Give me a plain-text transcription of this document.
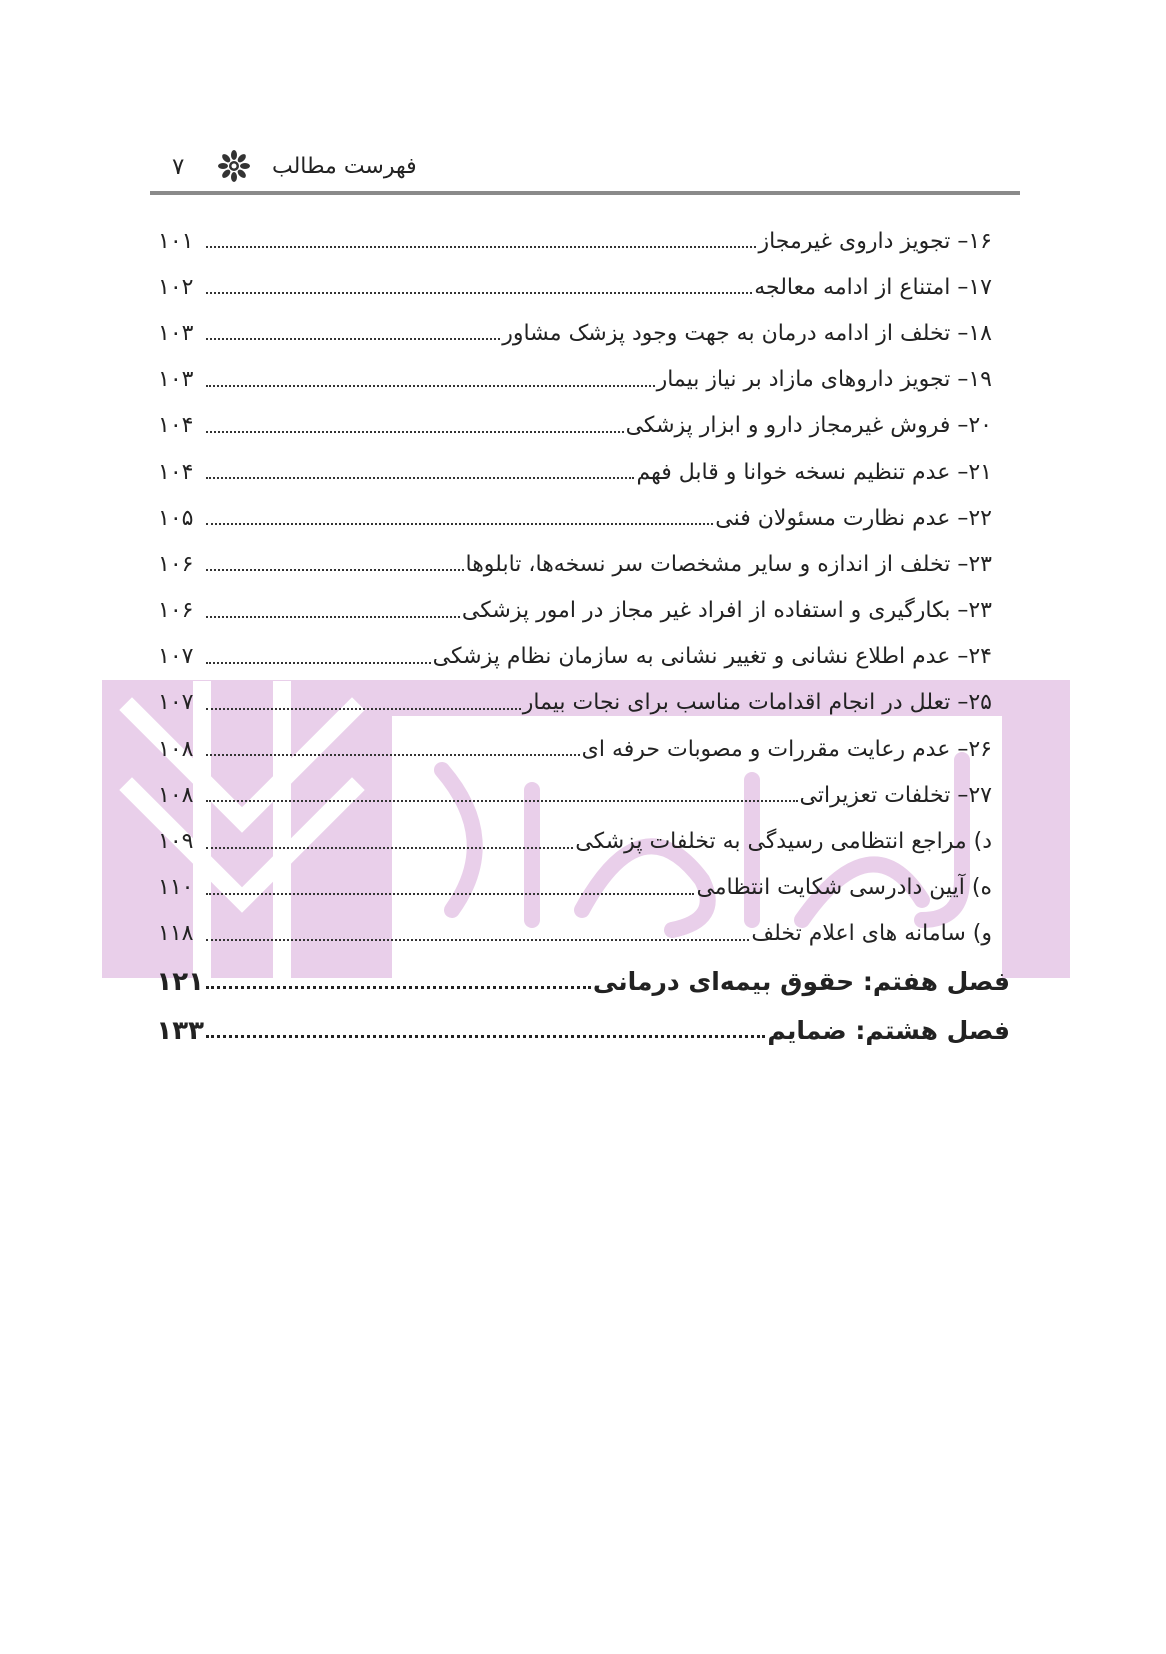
۷	فهرست مطالب
۱۶– تجویز داروی غیرمجاز
۱۰۱
۱۷– امتناع از ادامه معالجه
۱۰۲
۱۸– تخلف از ادامه درمان به جهت وجود پزشک مشاور
۱۰۳
۱۹– تجویز داروهای مازاد بر نیاز بیمار
۱۰۳
۲۰– فروش غیرمجاز دارو و ابزار پزشکی
۱۰۴
۲۱– عدم تنظیم نسخه خوانا و قابل فهم
۱۰۴
۲۲– عدم نظارت مسئولان فنی
۱۰۵
۲۳– تخلف از اندازه و سایر مشخصات سر نسخه‌ها، تابلوها
۱۰۶
۲۳– بکارگیری و استفاده از افراد غیر مجاز در امور پزشکی
۱۰۶
۲۴– عدم اطلاع نشانی و تغییر نشانی به سازمان نظام پزشکی
۱۰۷
۲۵– تعلل در انجام اقدامات مناسب برای نجات بیمار
۱۰۷
۲۶– عدم رعایت مقررات و مصوبات حرفه ای
۱۰۸
۲۷– تخلفات تعزیراتی
۱۰۸
د) مراجع انتظامی رسیدگی به تخلفات پزشکی
۱۰۹
ه) آیین دادرسی شکایت انتظامی
۱۱۰
و) سامانه های اعلام تخلف
۱۱۸
فصل هفتم: حقوق بیمه‌ای درمانی
۱۲۱
فصل هشتم: ضمایم
۱۳۳
